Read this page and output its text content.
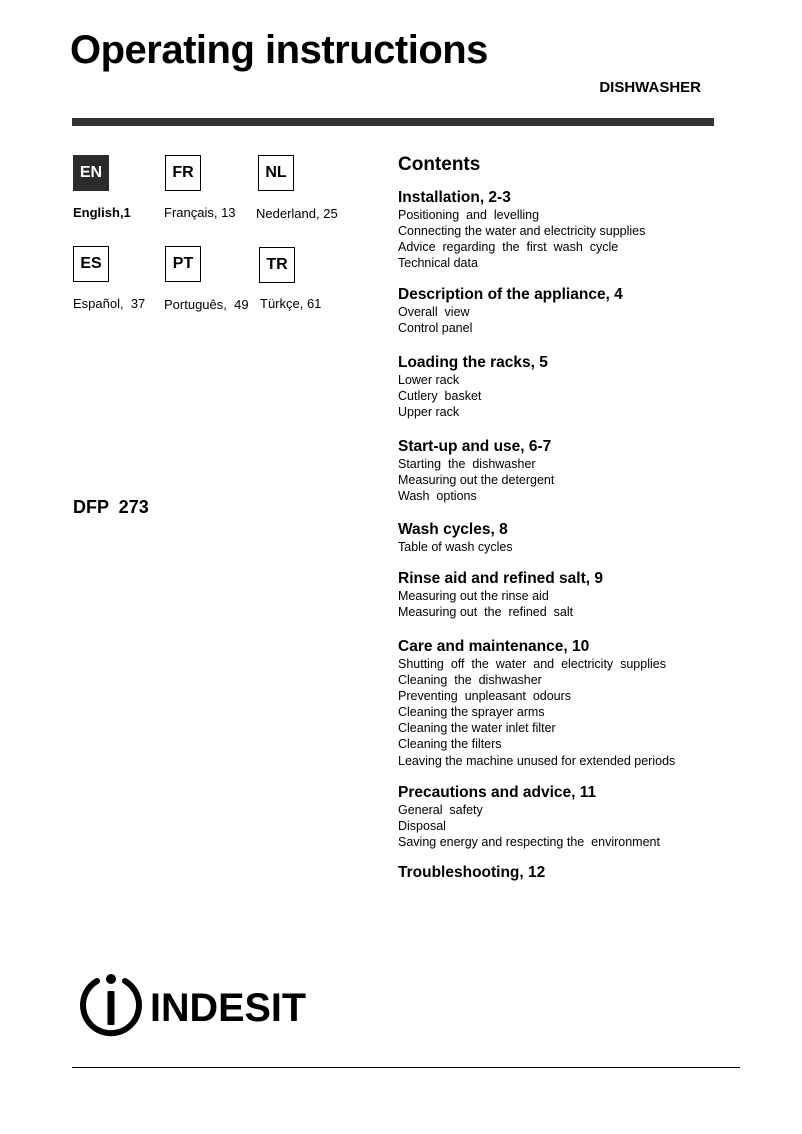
Operating instructions
DISHWASHER
EN	FR	NL
English,1	Français, 13 Nederland, 25
ES	PT	TR
Español,  37 Português,  49 Türkçe, 61
DFP  273
Contents
Installation, 2-3
Positioning  and  levelling
Connecting the water and electricity supplies
Advice  regarding  the  first  wash  cycle
Technical data
Description of the appliance, 4
Overall  view
Control panel
Loading the racks, 5
Lower rack
Cutlery  basket
Upper rack
Start-up and use, 6-7
Starting  the  dishwasher
Measuring out the detergent
Wash  options
Wash cycles, 8
Table of wash cycles
Rinse aid and refined salt, 9
Measuring out the rinse aid
Measuring out  the  refined  salt
Care and maintenance, 10
Shutting  off  the  water  and  electricity  supplies
Cleaning  the  dishwasher
Preventing  unpleasant  odours
Cleaning the sprayer arms
Cleaning the water inlet filter
Cleaning the filters
Leaving the machine unused for extended periods
Precautions and advice, 11
General  safety
Disposal
Saving energy and respecting the  environment
Troubleshooting, 12
INDESIT
